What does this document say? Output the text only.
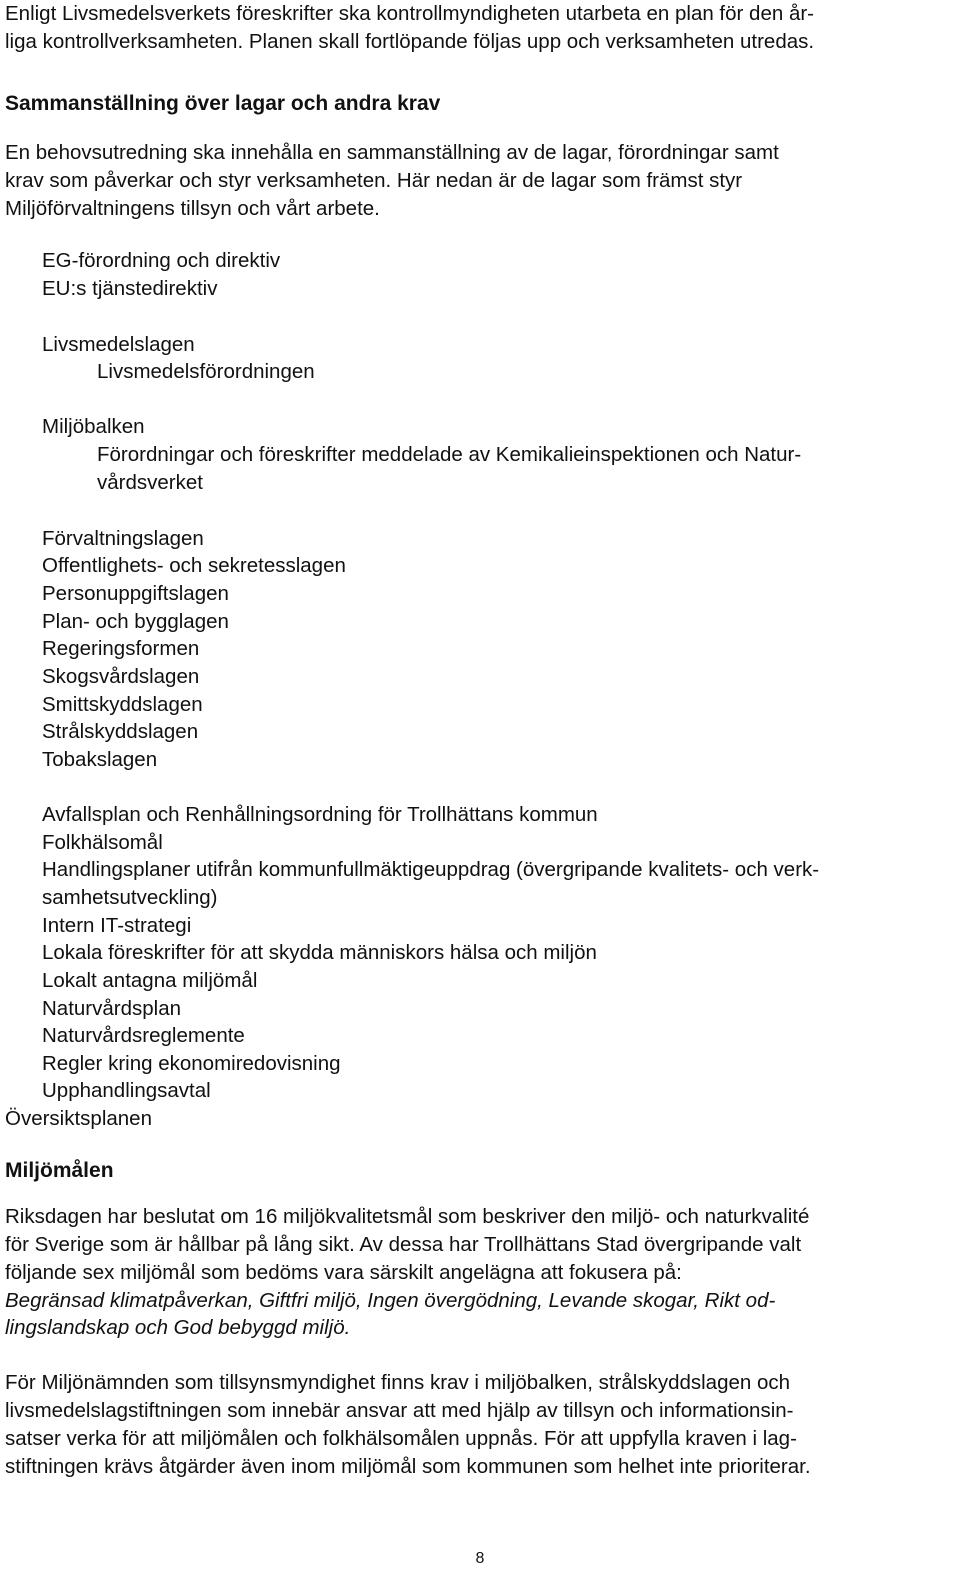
Enligt Livsmedelsverkets föreskrifter ska kontrollmyndigheten utarbeta en plan för den år-

liga kontrollverksamheten. Planen skall fortlöpande följas upp och verksamheten utredas.

Sammanställning över lagar och andra krav

En behovsutredning ska innehålla en sammanställning av de lagar, förordningar samt

krav som påverkar och styr verksamheten. Här nedan är de lagar som främst styr

Miljöförvaltningens tillsyn och vårt arbete.

EG-förordning och direktiv

EU:s tjänstedirektiv

Livsmedelslagen

Livsmedelsförordningen

Miljöbalken

Förordningar och föreskrifter meddelade av Kemikalieinspektionen och Natur-

vårdsverket

Förvaltningslagen

Offentlighets- och sekretesslagen

Personuppgiftslagen

Plan- och bygglagen

Regeringsformen

Skogsvårdslagen

Smittskyddslagen

Strålskyddslagen

Tobakslagen

Avfallsplan och Renhållningsordning för Trollhättans kommun

Folkhälsomål

Handlingsplaner utifrån kommunfullmäktigeuppdrag (övergripande kvalitets- och verk-

samhetsutveckling)

Intern IT-strategi

Lokala föreskrifter för att skydda människors hälsa och miljön

Lokalt antagna miljömål

Naturvårdsplan

Naturvårdsreglemente

Regler kring ekonomiredovisning

Upphandlingsavtal

Översiktsplanen

Miljömålen

Riksdagen har beslutat om 16 miljökvalitetsmål som beskriver den miljö- och naturkvalité

för Sverige som är hållbar på lång sikt. Av dessa har Trollhättans Stad övergripande valt

följande sex miljömål som bedöms vara särskilt angelägna att fokusera på:

Begränsad klimatpåverkan, Giftfri miljö, Ingen övergödning, Levande skogar, Rikt od-

lingslandskap och God bebyggd miljö.

För Miljönämnden som tillsynsmyndighet finns krav i miljöbalken, strålskyddslagen och

livsmedelslagstiftningen som innebär ansvar att med hjälp av tillsyn och informationsin-

satser verka för att miljömålen och folkhälsomålen uppnås. För att uppfylla kraven i lag-

stiftningen krävs åtgärder även inom miljömål som kommunen som helhet inte prioriterar.

8
